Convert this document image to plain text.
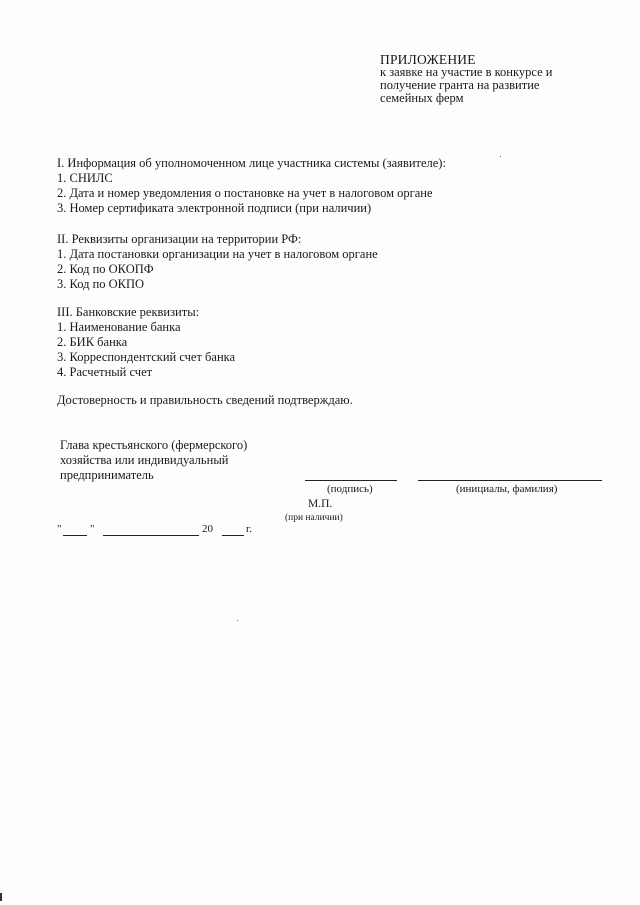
ПРИЛОЖЕНИЕ
к заявке на участие в конкурсе и
получение гранта на развитие
семейных ферм
I. Информация об уполномоченном лице участника системы (заявителе):
1. СНИЛС
2. Дата и номер уведомления о постановке на учет в налоговом органе
3. Номер сертификата электронной подписи (при наличии)
II. Реквизиты организации на территории РФ:
1. Дата постановки организации на учет в налоговом органе
2. Код по ОКОПФ
3. Код по ОКПО
III. Банковские реквизиты:
1. Наименование банка
2. БИК банка
3. Корреспондентский счет банка
4. Расчетный счет
Достоверность и правильность сведений подтверждаю.
Глава крестьянского (фермерского)
хозяйства или индивидуальный
предприниматель
(подпись)	(инициалы, фамилия)
М.П.
(при наличии)
"	"	20	г.
